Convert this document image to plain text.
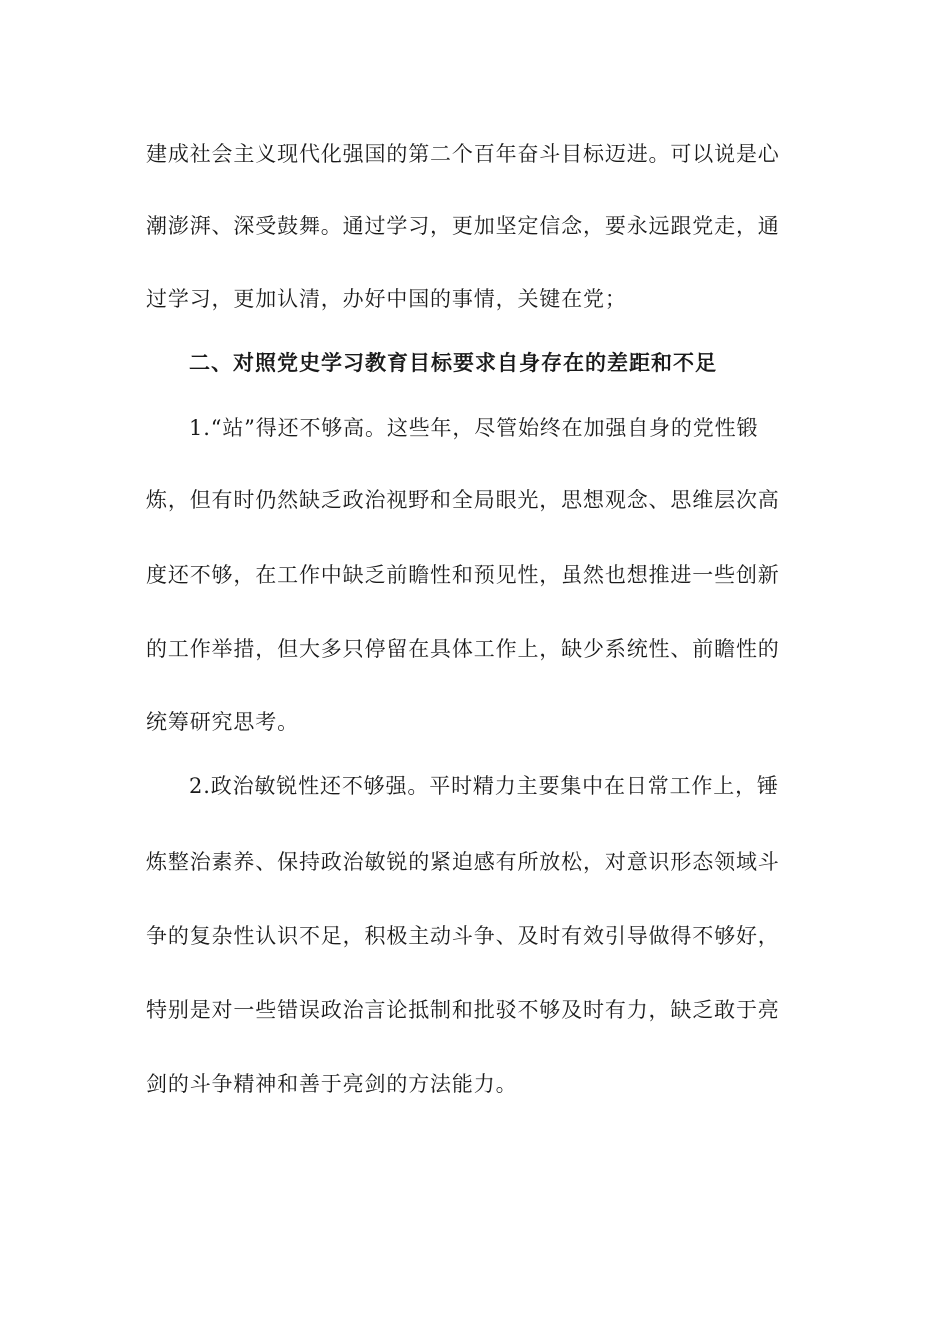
建成社会主义现代化强国的第二个百年奋斗目标迈进。可以说是心
潮澎湃、深受鼓舞。通过学习，更加坚定信念，要永远跟党走，通
过学习，更加认清，办好中国的事情，关键在党；
二、对照党史学习教育目标要求自身存在的差距和不足
1.“站”得还不够高。这些年，尽管始终在加强自身的党性锻
炼，但有时仍然缺乏政治视野和全局眼光，思想观念、思维层次高
度还不够，在工作中缺乏前瞻性和预见性，虽然也想推进一些创新
的工作举措，但大多只停留在具体工作上，缺少系统性、前瞻性的
统筹研究思考。
2.政治敏锐性还不够强。平时精力主要集中在日常工作上，锤
炼整治素养、保持政治敏锐的紧迫感有所放松，对意识形态领域斗
争的复杂性认识不足，积极主动斗争、及时有效引导做得不够好，
特别是对一些错误政治言论抵制和批驳不够及时有力，缺乏敢于亮
剑的斗争精神和善于亮剑的方法能力。
